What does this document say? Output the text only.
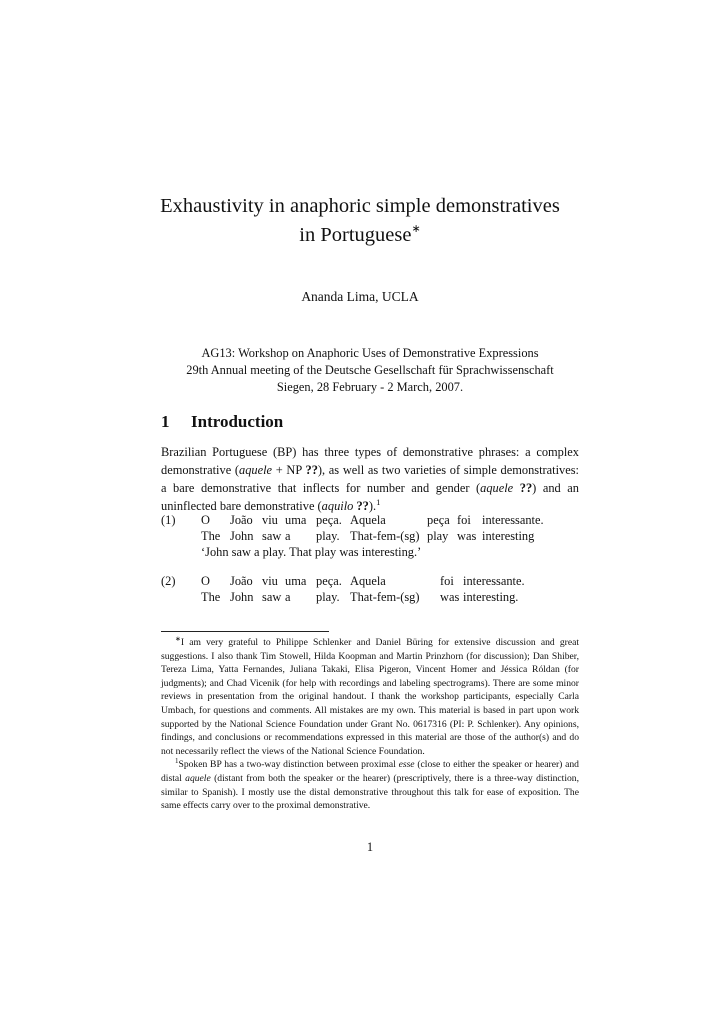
Exhaustivity in anaphoric simple demonstratives
in Portuguese∗
Ananda Lima, UCLA
AG13: Workshop on Anaphoric Uses of Demonstrative Expressions
29th Annual meeting of the Deutsche Gesellschaft für Sprachwissenschaft
Siegen, 28 February - 2 March, 2007.
1 Introduction

Brazilian Portuguese (BP) has three types of demonstrative phrases: a complex demonstrative (aquele + NP ??), as well as two varieties of simple demonstratives: a bare demonstrative that inflects for number and gender (aquele ??) and an uninflected bare demonstrative (aquilo ??).$^1$

(1) O João viu uma peça. Aquela	peça foi interessante.
The John saw a play. That-fem-(sg) play was interesting
‘John saw a play. That play was interesting.’
(2) O João viu uma peça. Aquela	foi interessante.
The John saw a play. That-fem-(sg) was interesting.

∗I am very grateful to Philippe Schlenker and Daniel Büring for extensive discussion and great suggestions. I also thank Tim Stowell, Hilda Koopman and Martin Prinzhorn (for discussion); Dan Shiber, Tereza Lima, Yatta Fernandes, Juliana Takaki, Elisa Pigeron, Vincent Homer and Jéssica Róldan (for judgments); and Chad Vicenik (for help with recordings and labeling spectrograms). There are some minor reviews in presentation from the original handout. I thank the workshop participants, especially Carla Umbach, for questions and comments. All mistakes are my own. This material is based in part upon work supported by the National Science Foundation under Grant No. 0617316 (PI: P. Schlenker). Any opinions, findings, and conclusions or recommendations expressed in this material are those of the author(s) and do not necessarily reflect the views of the National Science Foundation.

$^1$Spoken BP has a two-way distinction between proximal esse (close to either the speaker or hearer) and distal aquele (distant from both the speaker or the hearer) (prescriptively, there is a three-way distinction, similar to Spanish). I mostly use the distal demonstrative throughout this talk for ease of exposition. The same effects carry over to the proximal demonstrative.

1
